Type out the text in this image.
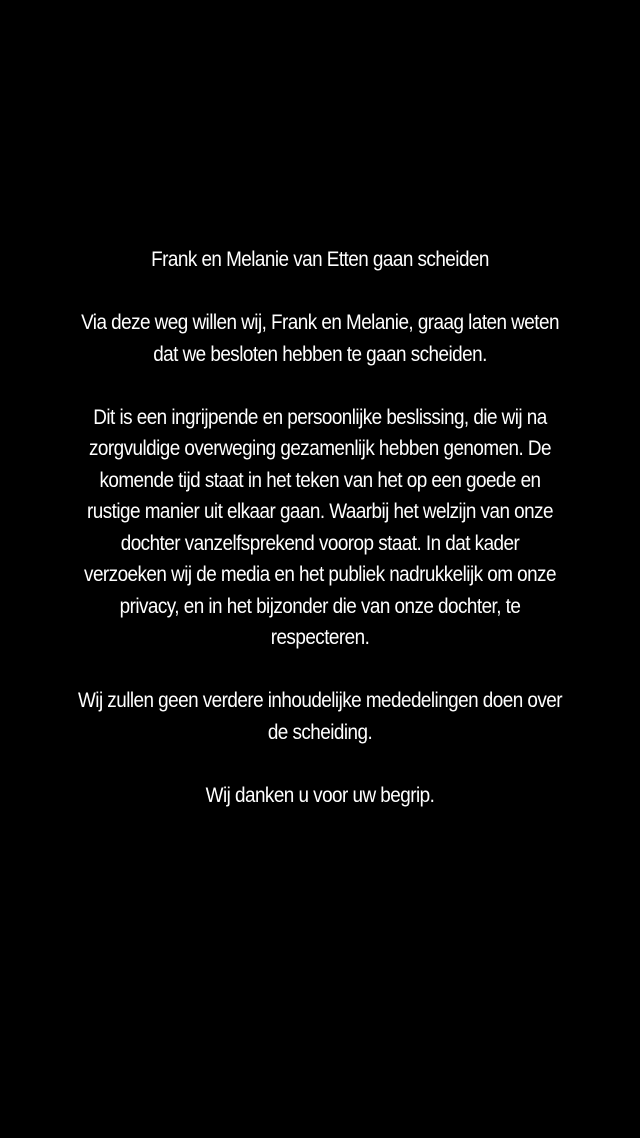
Frank en Melanie van Etten gaan scheiden

Via deze weg willen wij, Frank en Melanie, graag laten weten
dat we besloten hebben te gaan scheiden.

Dit is een ingrijpende en persoonlijke beslissing, die wij na
zorgvuldige overweging gezamenlijk hebben genomen. De
komende tijd staat in het teken van het op een goede en
rustige manier uit elkaar gaan. Waarbij het welzijn van onze
dochter vanzelfsprekend voorop staat. In dat kader
verzoeken wij de media en het publiek nadrukkelijk om onze
privacy, en in het bijzonder die van onze dochter, te
respecteren.

Wij zullen geen verdere inhoudelijke mededelingen doen over
de scheiding.

Wij danken u voor uw begrip.
